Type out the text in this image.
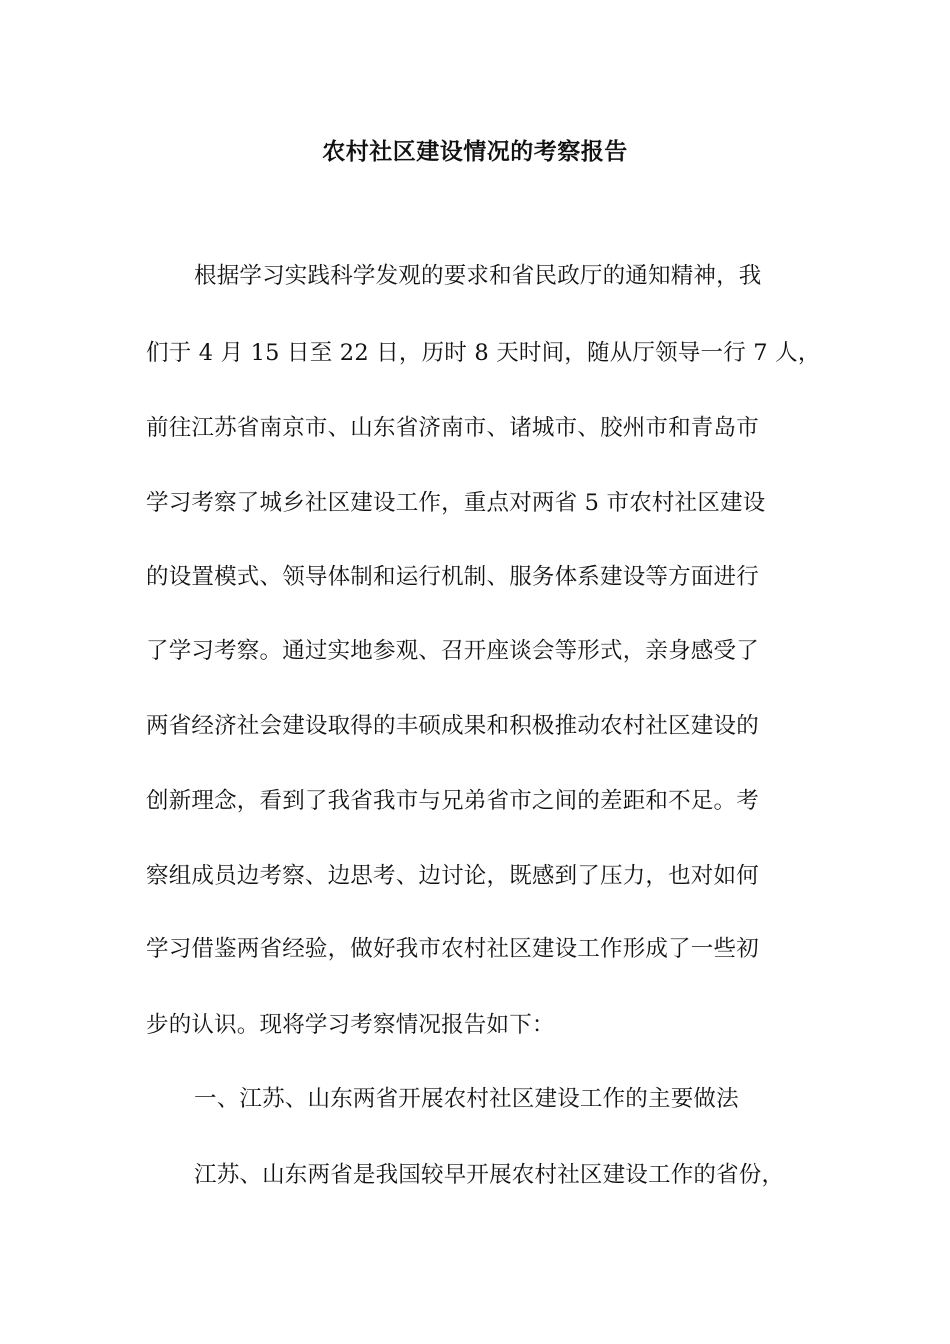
农村社区建设情况的考察报告
根据学习实践科学发观的要求和省民政厅的通知精神，我
们于 4 月 15 日至 22 日，历时 8 天时间，随从厅领导一行 7 人，
前往江苏省南京市、山东省济南市、诸城市、胶州市和青岛市
学习考察了城乡社区建设工作，重点对两省 5 市农村社区建设
的设置模式、领导体制和运行机制、服务体系建设等方面进行
了学习考察。通过实地参观、召开座谈会等形式，亲身感受了
两省经济社会建设取得的丰硕成果和积极推动农村社区建设的
创新理念，看到了我省我市与兄弟省市之间的差距和不足。考
察组成员边考察、边思考、边讨论，既感到了压力，也对如何
学习借鉴两省经验，做好我市农村社区建设工作形成了一些初
步的认识。现将学习考察情况报告如下：
一、江苏、山东两省开展农村社区建设工作的主要做法
江苏、山东两省是我国较早开展农村社区建设工作的省份，
